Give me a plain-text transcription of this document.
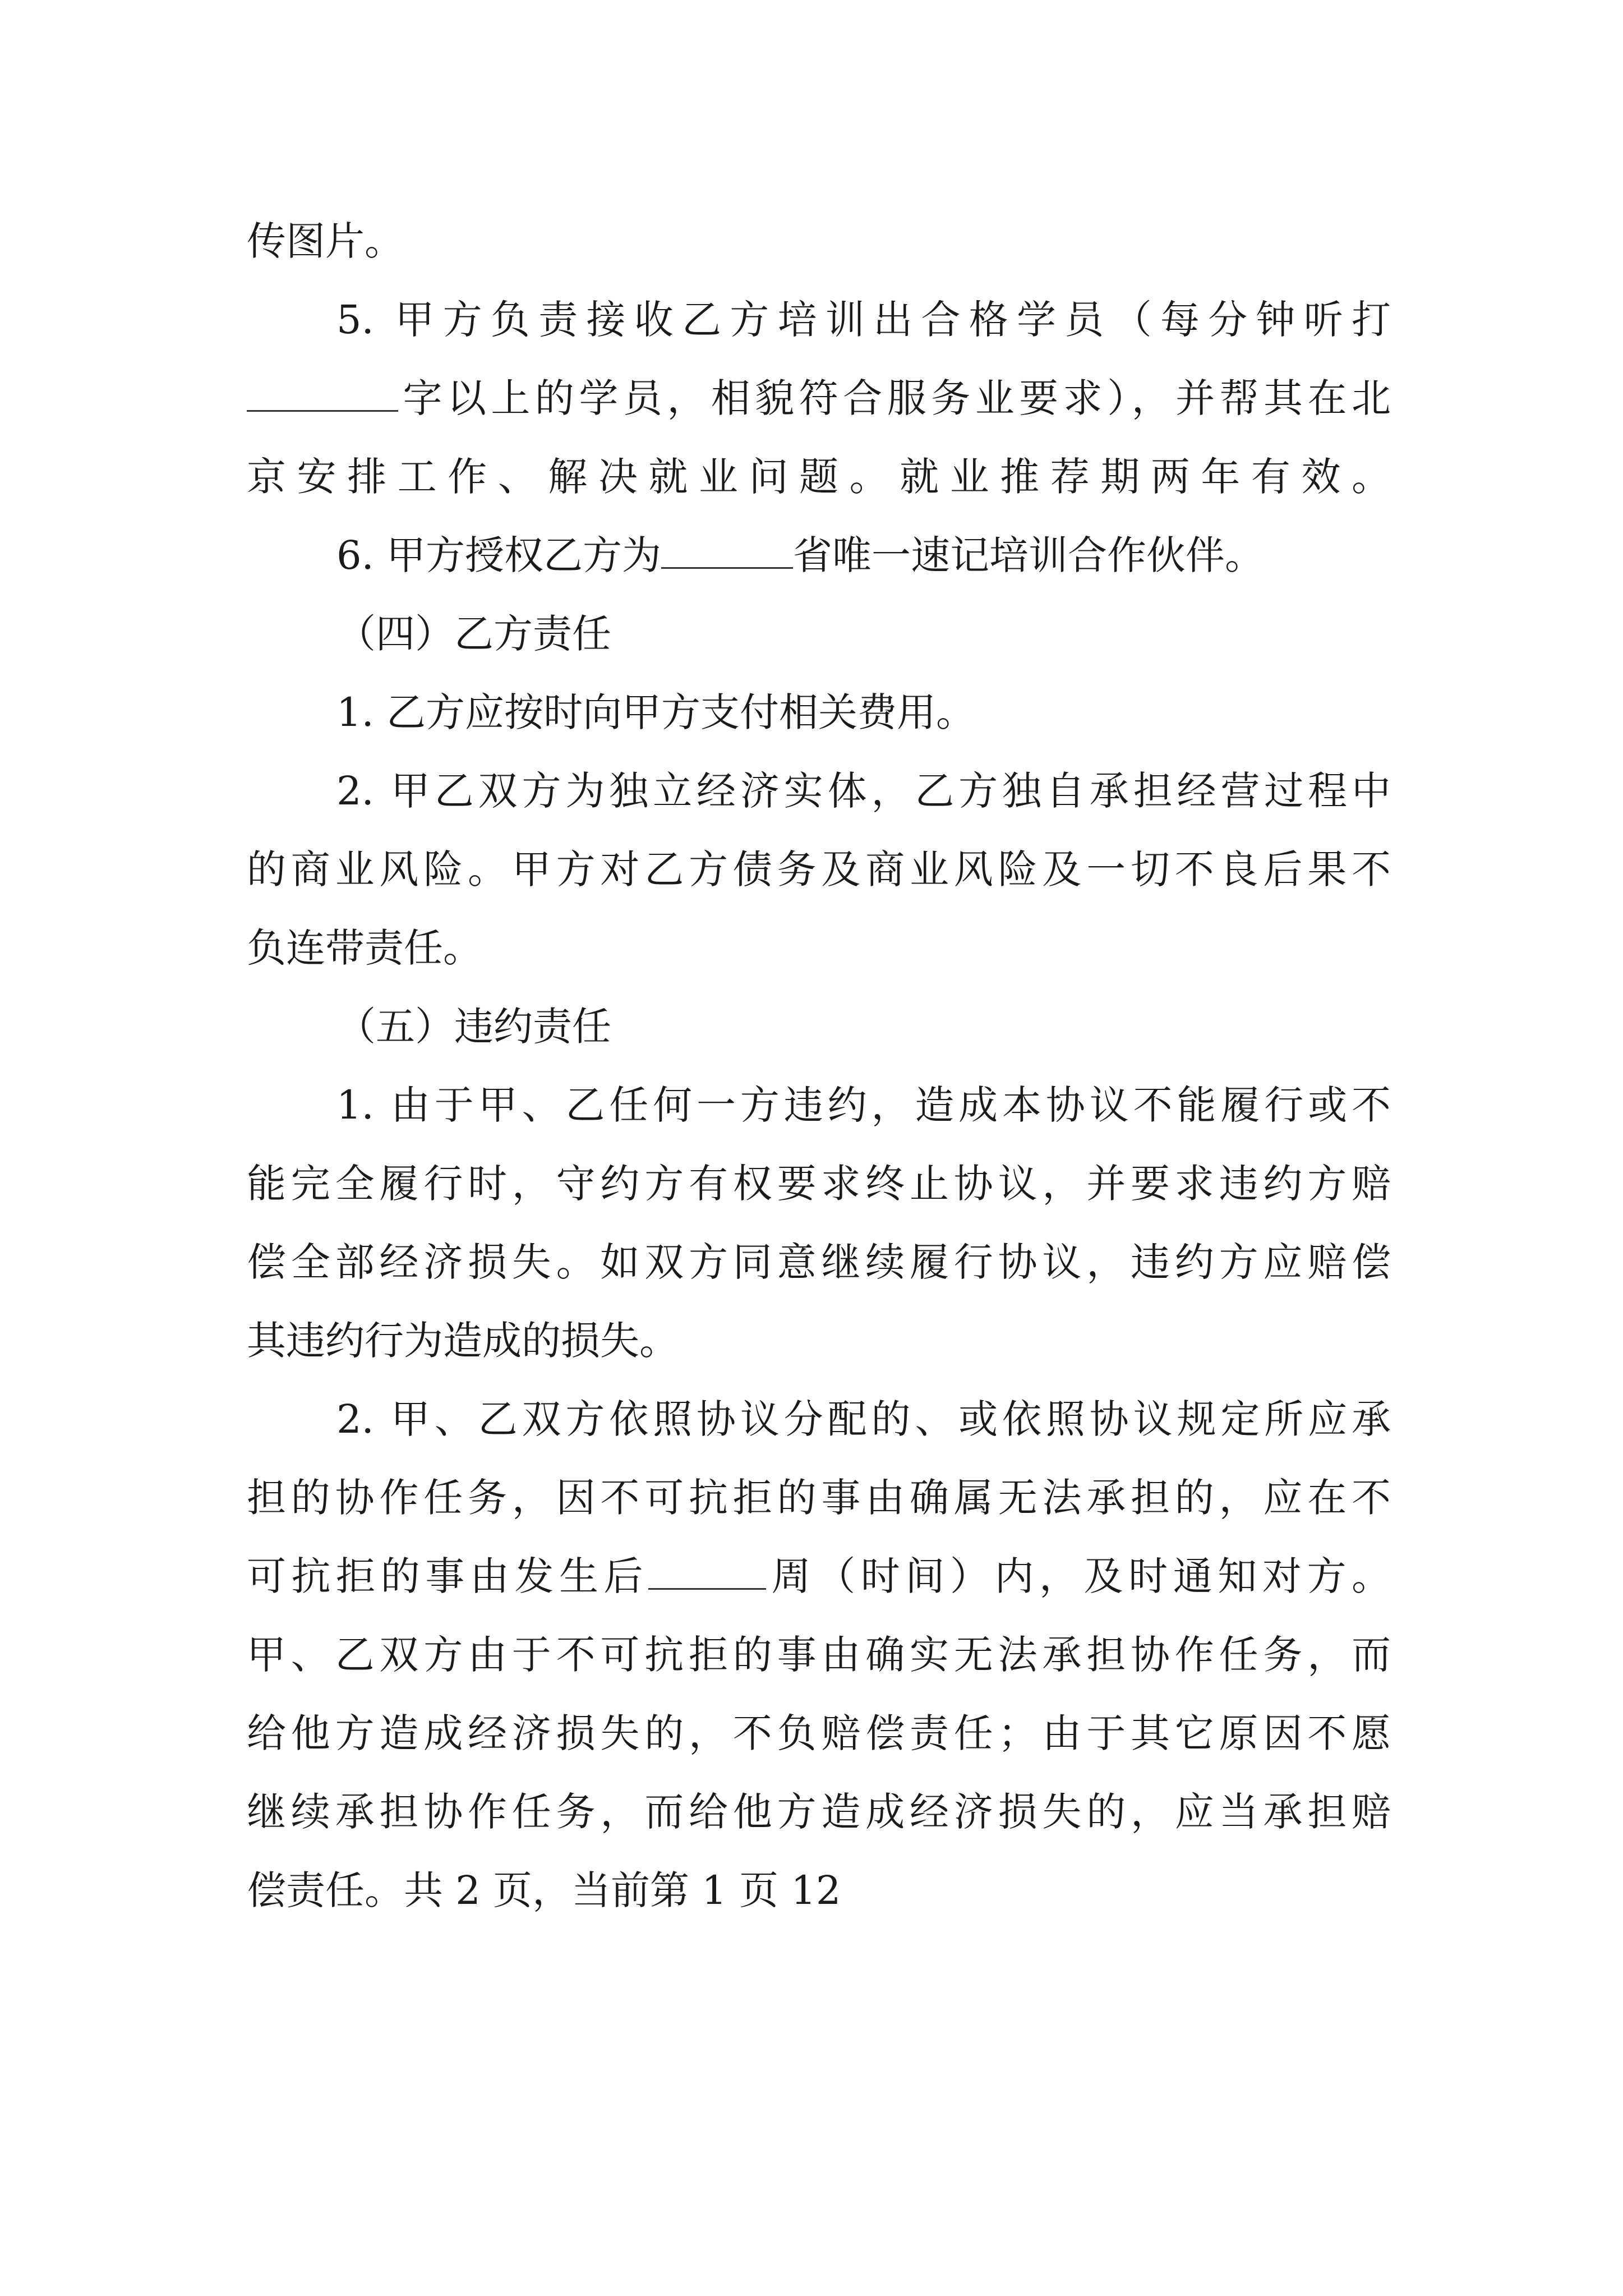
传图片。
5. 甲方负责接收乙方培训出合格学员（每分钟听打
字以上的学员，相貌符合服务业要求），并帮其在北
京安排工作、解决就业问题。就业推荐期两年有效。
6. 甲方授权乙方为	省唯一速记培训合作伙伴。
（四）乙方责任
1. 乙方应按时向甲方支付相关费用。
2. 甲乙双方为独立经济实体，乙方独自承担经营过程中
的商业风险。甲方对乙方债务及商业风险及一切不良后果不
负连带责任。
（五）违约责任
1. 由于甲、乙任何一方违约，造成本协议不能履行或不
能完全履行时，守约方有权要求终止协议，并要求违约方赔
偿全部经济损失。如双方同意继续履行协议，违约方应赔偿
其违约行为造成的损失。
2. 甲、乙双方依照协议分配的、或依照协议规定所应承
担的协作任务，因不可抗拒的事由确属无法承担的，应在不
可抗拒的事由发生后	周（时间）内，及时通知对方。
甲、乙双方由于不可抗拒的事由确实无法承担协作任务，而
给他方造成经济损失的，不负赔偿责任；由于其它原因不愿
继续承担协作任务，而给他方造成经济损失的，应当承担赔
偿责任。共 2 页，当前第 1 页 12
